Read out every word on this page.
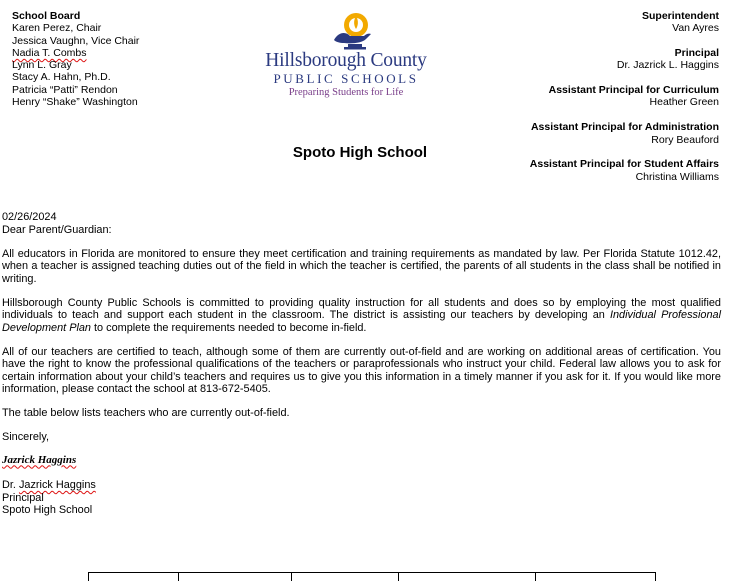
School Board
Karen Perez, Chair
Jessica Vaughn, Vice Chair
Nadia T. Combs
Lynn L. Gray
Stacy A. Hahn, Ph.D.
Patricia “Patti” Rendon
Henry “Shake” Washington
Hillsborough County
PUBLIC SCHOOLS
Preparing Students for Life
Superintendent
Van Ayres
Principal
Dr. Jazrick L. Haggins
Assistant Principal for Curriculum
Heather Green
Assistant Principal for Administration
Rory Beauford
Assistant Principal for Student Affairs
Christina Williams
Spoto High School

02/26/2024

Dear Parent/Guardian:

All educators in Florida are monitored to ensure they meet certification and training requirements as mandated by law. Per Florida Statute 1012.42, when a teacher is assigned teaching duties out of the field in which the teacher is certified, the parents of all students in the class shall be notified in writing.

Hillsborough County Public Schools is committed to providing quality instruction for all students and does so by employing the most qualified individuals to teach and support each student in the classroom. The district is assisting our teachers by developing an Individual Professional Development Plan to complete the requirements needed to become in-field.

All of our teachers are certified to teach, although some of them are currently out-of-field and are working on additional areas of certification. You have the right to know the professional qualifications of the teachers or paraprofessionals who instruct your child. Federal law allows you to ask for certain information about your child’s teachers and requires us to give you this information in a timely manner if you ask for it. If you would like more information, please contact the school at 813-672-5405.

The table below lists teachers who are currently out-of-field.

Sincerely,

Jazrick Haggins
Dr. Jazrick Haggins
Principal
Spoto High School
